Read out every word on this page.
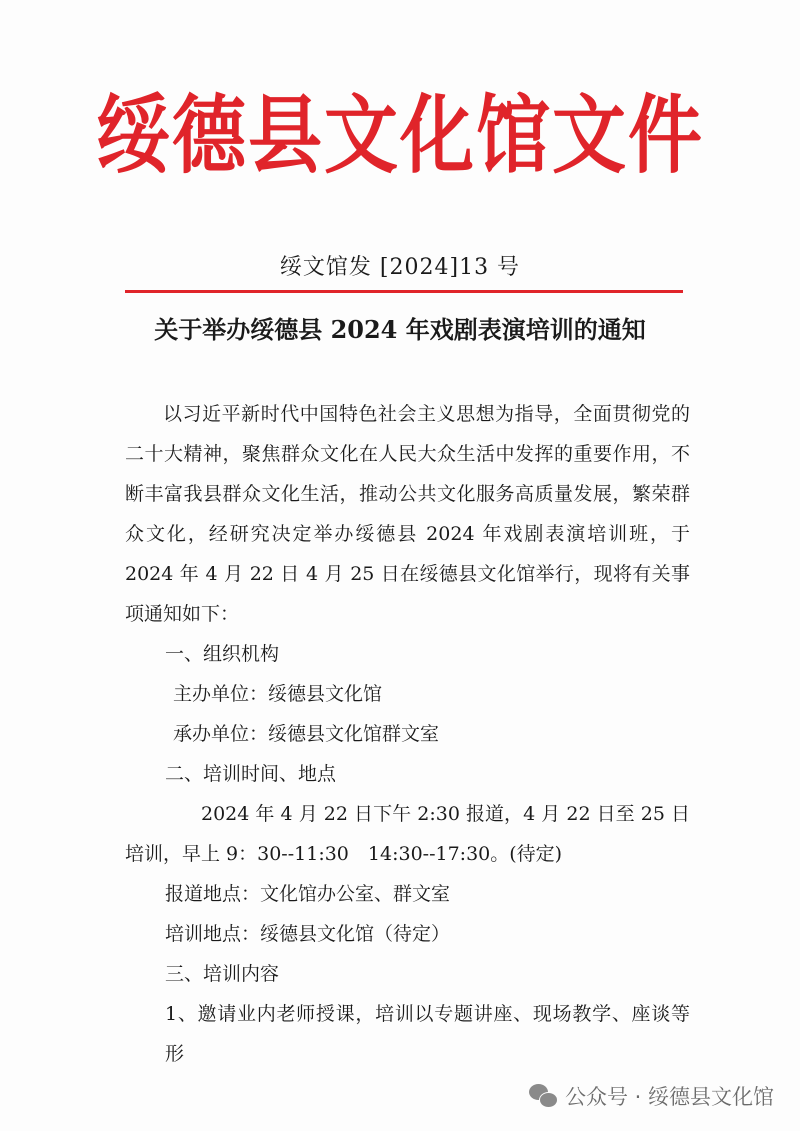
绥德县文化馆文件
绥文馆发 [2024]13 号
关于举办绥德县 2024 年戏剧表演培训的通知

以习近平新时代中国特色社会主义思想为指导，全面贯彻党的二十大精神，聚焦群众文化在人民大众生活中发挥的重要作用，不断丰富我县群众文化生活，推动公共文化服务高质量发展，繁荣群众文化，经研究决定举办绥德县 2024 年戏剧表演培训班，于 2024 年 4 月 22 日 4 月 25 日在绥德县文化馆举行，现将有关事项通知如下：

一、组织机构

主办单位：绥德县文化馆

承办单位：绥德县文化馆群文室

二、培训时间、地点

2024 年 4 月 22 日下午 2:30 报道，4 月 22 日至 25 日培训，早上 9：30--11:30　14:30--17:30。(待定)

报道地点：文化馆办公室、群文室

培训地点：绥德县文化馆（待定）

三、培训内容

1、邀请业内老师授课，培训以专题讲座、现场教学、座谈等形

公众号 · 绥德县文化馆
